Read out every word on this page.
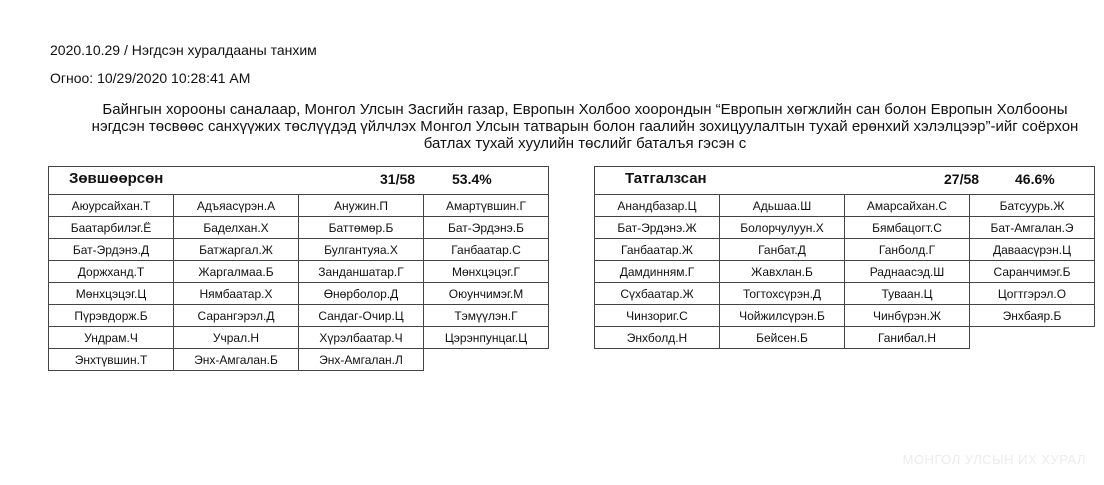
2020.10.29 / Нэгдсэн хуралдааны танхим
Огноо: 10/29/2020 10:28:41 AM
Байнгын хорооны саналаар, Монгол Улсын Засгийн газар, Европын Холбоо хоорондын “Европын хөгжлийн сан болон Европын Холбооны нэгдсэн төсвөөс санхүүжих төслүүдэд үйлчлэх Монгол Улсын татварын болон гаалийн зохицуулалтын тухай ерөнхий хэлэлцээр”-ийг соёрхон батлах тухай хуулийн төслийг баталъя гэсэн с
Зөвшөөрсөн 31/58 53.4%			

Аюурсайхан.Т	Адъяасүрэн.А	Анужин.П	Амартүвшин.Г
Баатарбилэг.Ё	Баделхан.Х	Баттөмөр.Б	Бат-Эрдэнэ.Б
Бат-Эрдэнэ.Д	Батжаргал.Ж	Булгантуяа.Х	Ганбаатар.С
Доржханд.Т	Жаргалмаа.Б	Занданшатар.Г	Мөнхцэцэг.Г
Мөнхцэцэг.Ц	Нямбаатар.Х	Өнөрболор.Д	Оюунчимэг.М
Пүрэвдорж.Б	Сарангэрэл.Д	Сандаг-Очир.Ц	Тэмүүлэн.Г
Ундрам.Ч	Учрал.Н	Хүрэлбаатар.Ч	Цэрэнпунцаг.Ц
Энхтүвшин.Т	Энх-Амгалан.Б	Энх-Амгалан.Л	
Татгалзсан 27/58 46.6%			

Анандбазар.Ц	Адьшаа.Ш	Амарсайхан.С	Батсуурь.Ж
Бат-Эрдэнэ.Ж	Болорчулуун.Х	Бямбацогт.С	Бат-Амгалан.Э
Ганбаатар.Ж	Ганбат.Д	Ганболд.Г	Даваасүрэн.Ц
Дамдинням.Г	Жавхлан.Б	Раднаасэд.Ш	Саранчимэг.Б
Сүхбаатар.Ж	Тогтохсүрэн.Д	Туваан.Ц	Цогтгэрэл.О
Чинзориг.С	Чойжилсүрэн.Б	Чинбүрэн.Ж	Энхбаяр.Б
Энхболд.Н	Бейсен.Б	Ганибал.Н	
МОНГОЛ УЛСЫН ИХ ХУРАЛ
